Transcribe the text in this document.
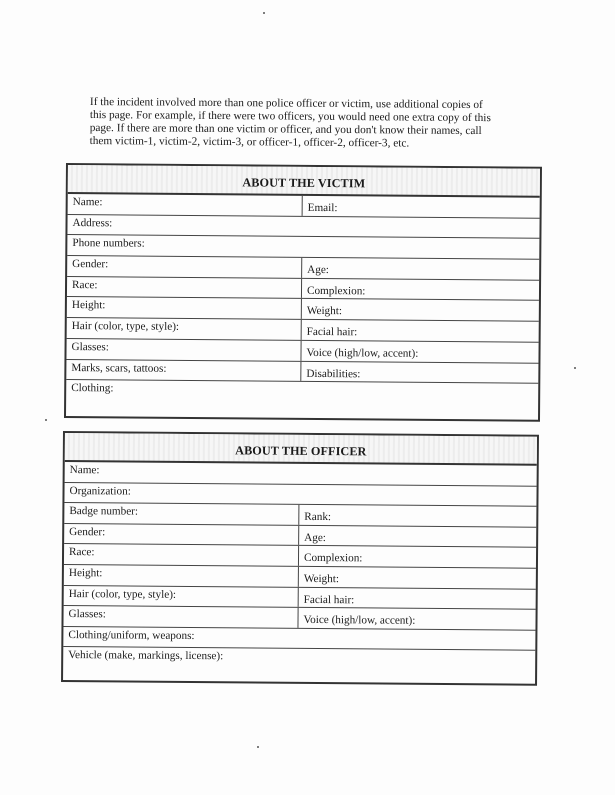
If the incident involved more than one police officer or victim, use additional copies of

this page. For example, if there were two officers, you would need one extra copy of this

page. If there are more than one victim or officer, and you don't know their names, call

them victim-1, victim-2, victim-3, or officer-1, officer-2, officer-3, etc.

ABOUT THE VICTIM
Name:	Email:
Address:
Phone numbers:
Gender:	Age:
Race:	Complexion:
Height:	Weight:
Hair (color, type, style):	Facial hair:
Glasses:	Voice (high/low, accent):
Marks, scars, tattoos:	Disabilities:
Clothing:
ABOUT THE OFFICER
Name:
Organization:
Badge number:	Rank:
Gender:	Age:
Race:	Complexion:
Height:	Weight:
Hair (color, type, style):	Facial hair:
Glasses:	Voice (high/low, accent):
Clothing/uniform, weapons:
Vehicle (make, markings, license):
